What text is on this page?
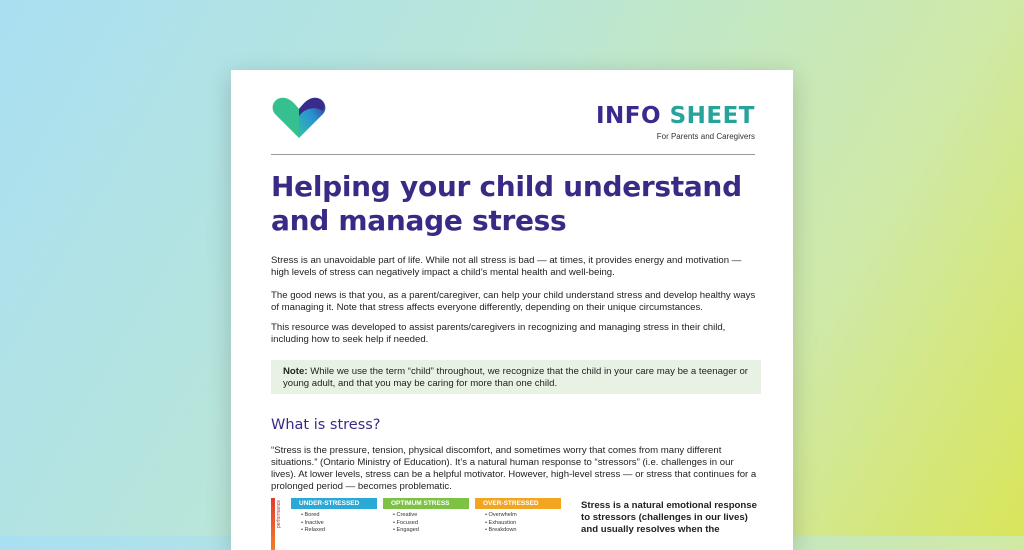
INFO SHEET
For Parents and Caregivers
Helping your child understand and manage stress
Stress is an unavoidable part of life. While not all stress is bad — at times, it provides energy and motivation — high levels of stress can negatively impact a child’s mental health and well-being.
The good news is that you, as a parent/caregiver, can help your child understand stress and develop healthy ways of managing it. Note that stress affects everyone differently, depending on their unique circumstances.
This resource was developed to assist parents/caregivers in recognizing and managing stress in their child, including how to seek help if needed.
Note: While we use the term “child” throughout, we recognize that the child in your care may be a teenager or young adult, and that you may be caring for more than one child.
What is stress?
“Stress is the pressure, tension, physical discomfort, and sometimes worry that comes from many different situations.” (Ontario Ministry of Education). It’s a natural human response to “stressors” (i.e. challenges in our lives). At lower levels, stress can be a helpful motivator. However, high-level stress — or stress that continues for a prolonged period — becomes problematic.
performance	UNDER-STRESSED
• Bored
• Inactive
• Relaxed
OPTIMUM STRESS
• Creative
• Focused
• Engaged
OVER-STRESSED
• Overwhelm
• Exhaustion
• Breakdown
Stress is a natural emotional response to stressors (challenges in our lives) and usually resolves when the
